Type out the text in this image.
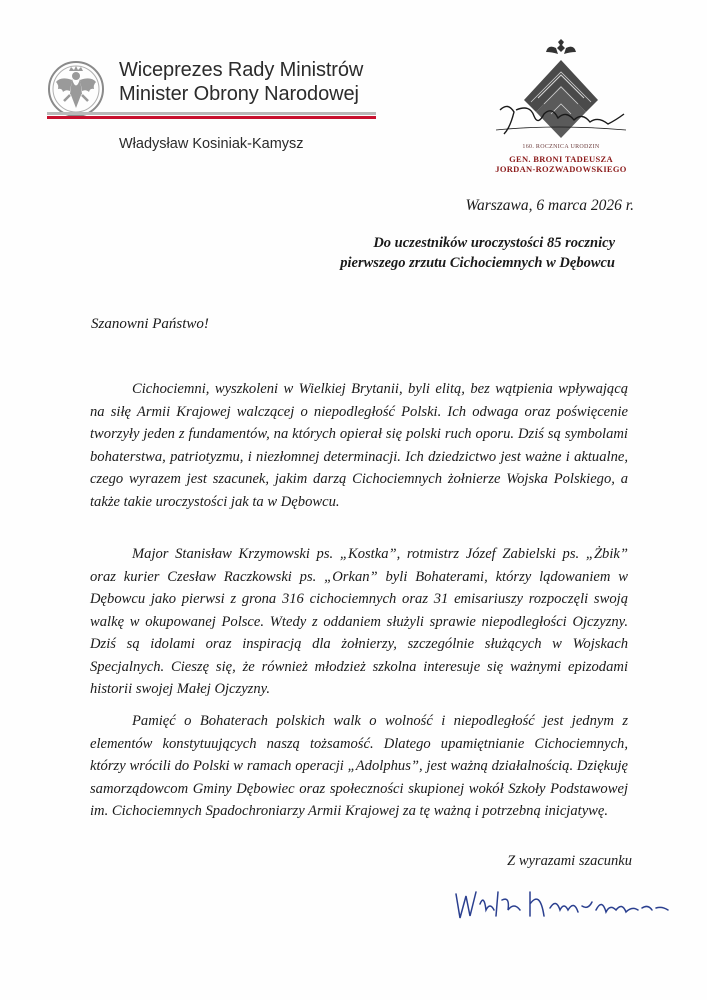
Wiceprezes Rady Ministrów
Minister Obrony Narodowej
Władysław Kosiniak-Kamysz	160. ROCZNICA URODZIN
GEN. BRONI TADEUSZA
JORDAN-ROZWADOWSKIEGO
Warszawa, 6 marca 2026 r.
Do uczestników uroczystości 85 rocznicy
pierwszego zrzutu Cichociemnych w Dębowcu
Szanowni Państwo!

Cichociemni, wyszkoleni w Wielkiej Brytanii, byli elitą, bez wątpienia wpływającą na siłę Armii Krajowej walczącej o niepodległość Polski. Ich odwaga oraz poświęcenie tworzyły jeden z fundamentów, na których opierał się polski ruch oporu. Dziś są symbolami bohaterstwa, patriotyzmu, i niezłomnej determinacji. Ich dziedzictwo jest ważne i aktualne, czego wyrazem jest szacunek, jakim darzą Cichociemnych żołnierze Wojska Polskiego, a także takie uroczystości jak ta w Dębowcu.

Major Stanisław Krzymowski ps. „Kostka”, rotmistrz Józef Zabielski ps. „Żbik” oraz kurier Czesław Raczkowski ps. „Orkan” byli Bohaterami, którzy lądowaniem w Dębowcu jako pierwsi z grona 316 cichociemnych oraz 31 emisariuszy rozpoczęli swoją walkę w okupowanej Polsce. Wtedy z oddaniem służyli sprawie niepodległości Ojczyzny. Dziś są idolami oraz inspiracją dla żołnierzy, szczególnie służących w Wojskach Specjalnych. Cieszę się, że również młodzież szkolna interesuje się ważnymi epizodami historii swojej Małej Ojczyzny.

Pamięć o Bohaterach polskich walk o wolność i niepodległość jest jednym z elementów konstytuujących naszą tożsamość. Dlatego upamiętnianie Cichociemnych, którzy wrócili do Polski w ramach operacji „Adolphus”, jest ważną działalnością. Dziękuję samorządowcom Gminy Dębowiec oraz społeczności skupionej wokół Szkoły Podstawowej im. Cichociemnych Spadochroniarzy Armii Krajowej za tę ważną i potrzebną inicjatywę.

Z wyrazami szacunku
